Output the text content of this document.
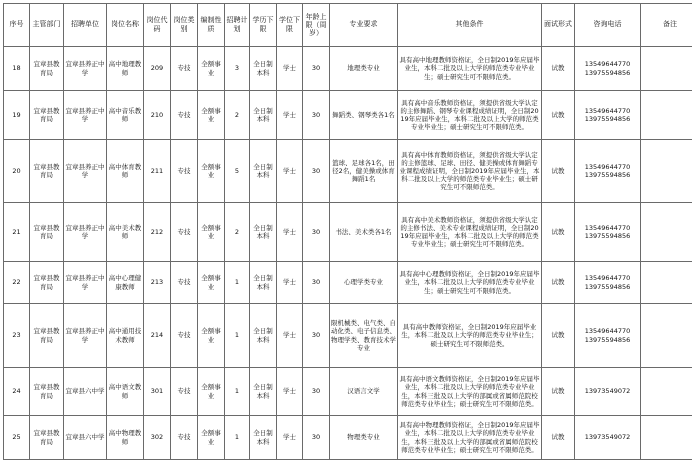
序号	主管部门	招聘单位	岗位名称	岗位代码	岗位类别	编制性质	招聘计划	学历下限	学位下限	年龄上限（周岁）	专业要求	其他条件	面试形式	咨询电话	备注
18	宜章县教育局	宜章县养正中学	高中地理教师	209	专技	全额事业	3	全日制本科	学士	30	地理类专业	具有高中地理教师资格证，全日制2019年应届毕业生，本科二批及以上大学的师范类专业毕业生；硕士研究生可不限师范类。	试教	13549644770
13975594856	
19	宜章县教育局	宜章县养正中学	高中音乐教师	210	专技	全额事业	2	全日制本科	学士	30	舞蹈类、钢琴类各1名	具有高中音乐教师资格证，须提供省级大学认定的主修舞蹈、钢琴专业课程成绩证明，全日制2019年应届毕业生，本科二批及以上大学的师范类专业毕业生；硕士研究生可不限师范类。	试教	13549644770
13975594856	
20	宜章县教育局	宜章县养正中学	高中体育教师	211	专技	全额事业	5	全日制本科	学士	30	篮球、足球各1名，田径2名，健美操或体育舞蹈1名	具有高中体育教师资格证，须提供省级大学认定的主修篮球、足球、田径、健美操或体育舞蹈专业课程成绩证明，全日制2019年应届毕业生，本科二批及以上大学的师范类专业毕业生；硕士研究生可不限师范类。	试教	13549644770
13975594856	
21	宜章县教育局	宜章县养正中学	高中美术教师	212	专技	全额事业	2	全日制本科	学士	30	书法、美术类各1名	具有高中美术教师资格证，须提供省级大学认定的主修书法、美术专业课程成绩证明，全日制2019年应届毕业生，本科二批及以上大学的师范类专业毕业生；硕士研究生可不限师范类。	试教	13549644770
13975594856	
22	宜章县教育局	宜章县养正中学	高中心理健康教师	213	专技	全额事业	1	全日制本科	学士	30	心理学类专业	具有高中心理教师资格证，全日制2019年应届毕业生，本科二批及以上大学的师范类专业毕业生；硕士研究生可不限师范类。	试教	13549644770
13975594856	
23	宜章县教育局	宜章县养正中学	高中通用技术教师	214	专技	全额事业	1	全日制本科	学士	30	限机械类、电气类、自动化类、电子信息类、物理学类、教育技术学专业	具有高中教师资格证，全日制2019年应届毕业生，本科二批及以上大学的师范类专业毕业生；硕士研究生可不限师范类。	试教	13549644770
13975594856	
24	宜章县教育局	宜章县六中学	高中语文教师	301	专技	全额事业	1	全日制本科	学士	30	汉语言文学	具有高中语文教师资格证，全日制2019年应届毕业生，本科二批及以上大学的师范类专业毕业生，本科三批及以上大学的部属或省属师范院校师范类专业毕业生；硕士研究生可不限师范类。	试教	13973549072	
25	宜章县教育局	宜章县六中学	高中物理教师	302	专技	全额事业	1	全日制本科	学士	30	物理类专业	具有高中物理教师资格证，全日制2019年应届毕业生，本科二批及以上大学的师范类专业毕业生，本科三批及以上大学的部属或省属师范院校师范类专业毕业生；硕士研究生可不限师范类。	试教	13973549072	
